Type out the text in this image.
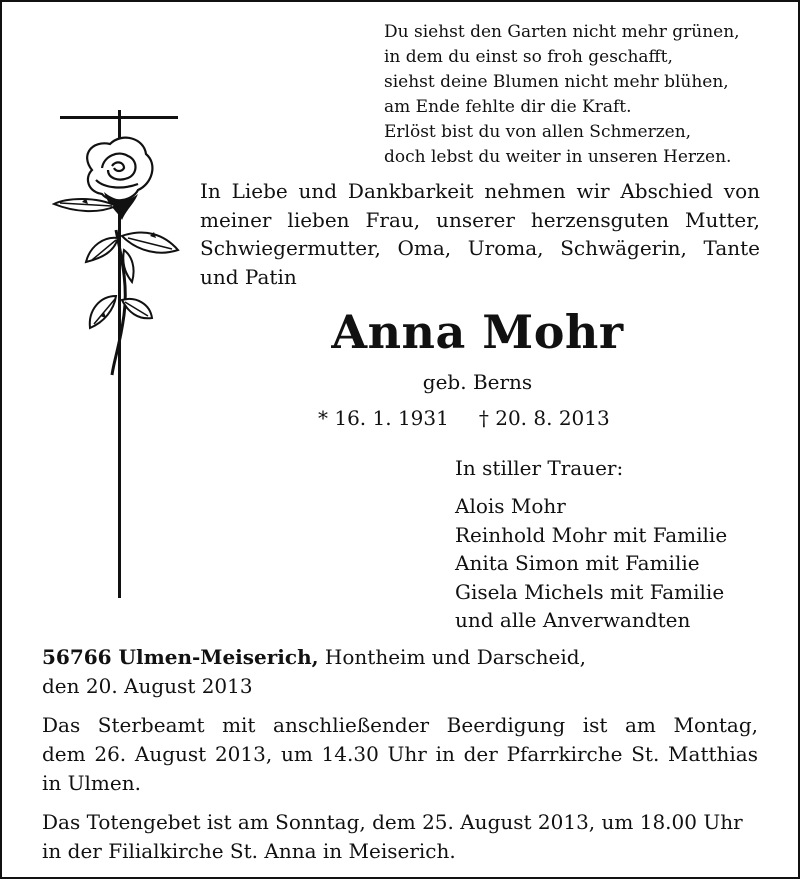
Du siehst den Garten nicht mehr grünen,
in dem du einst so froh geschafft,
siehst deine Blumen nicht mehr blühen,
am Ende fehlte dir die Kraft.
Erlöst bist du von allen Schmerzen,
doch lebst du weiter in unseren Herzen.
In Liebe und Dankbarkeit nehmen wir Abschied von
meiner lieben Frau, unserer herzensguten Mutter,
Schwiegermutter, Oma, Uroma, Schwägerin, Tante
und Patin
Anna Mohr
geb. Berns
* 16. 1. 1931 † 20. 8. 2013
In stiller Trauer:
Alois Mohr
Reinhold Mohr mit Familie
Anita Simon mit Familie
Gisela Michels mit Familie
und alle Anverwandten
56766 Ulmen-Meiserich, Hontheim und Darscheid,
den 20. August 2013
Das Sterbeamt mit anschließender Beerdigung ist am Montag,
dem 26. August 2013, um 14.30 Uhr in der Pfarrkirche St. Matthias
in Ulmen.
Das Totengebet ist am Sonntag, dem 25. August 2013, um 18.00 Uhr
in der Filialkirche St. Anna in Meiserich.
